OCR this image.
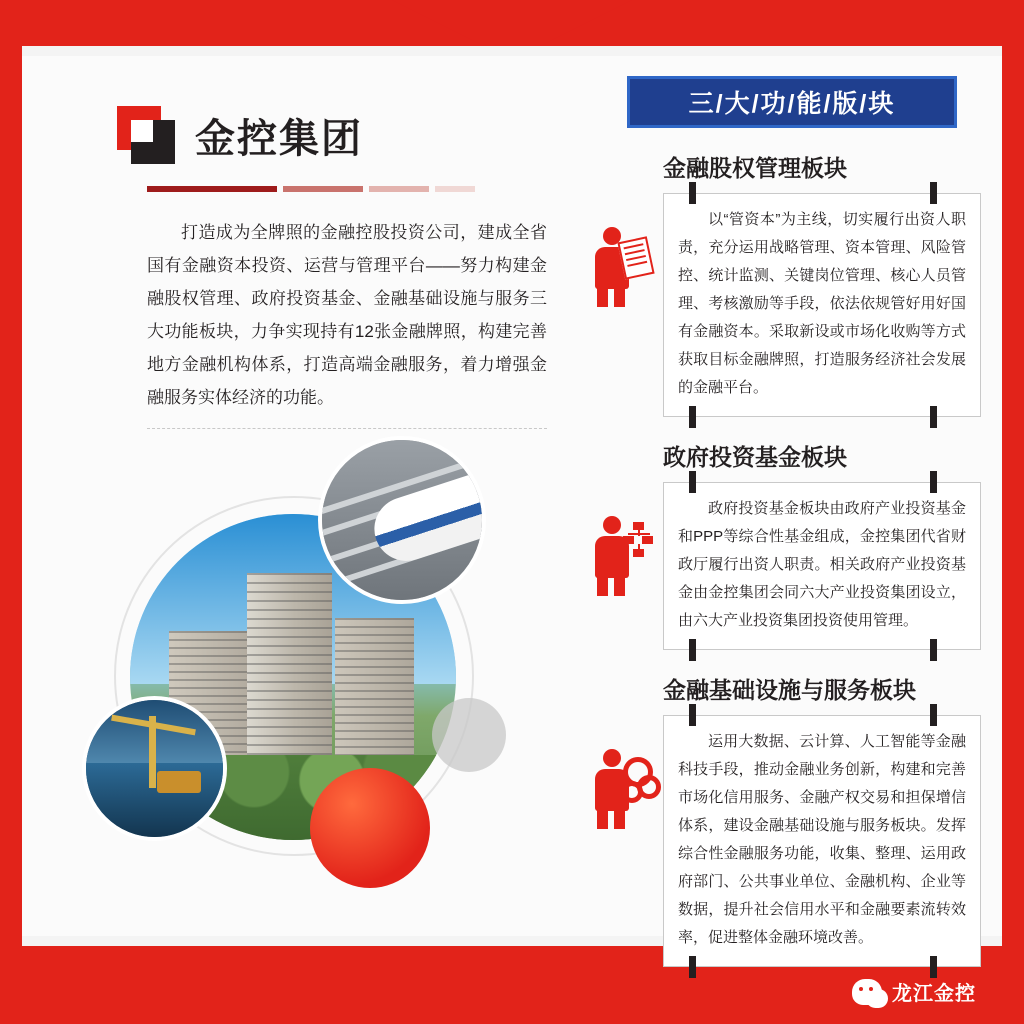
金控集团
打造成为全牌照的金融控股投资公司，建成全省国有金融资本投资、运营与管理平台——努力构建金融股权管理、政府投资基金、金融基础设施与服务三大功能板块，力争实现持有12张金融牌照，构建完善地方金融机构体系，打造高端金融服务，着力增强金融服务实体经济的功能。
三/大/功/能/版/块
金融股权管理板块
以“管资本”为主线，切实履行出资人职责，充分运用战略管理、资本管理、风险管控、统计监测、关键岗位管理、核心人员管理、考核激励等手段，依法依规管好用好国有金融资本。采取新设或市场化收购等方式获取目标金融牌照，打造服务经济社会发展的金融平台。
政府投资基金板块
政府投资基金板块由政府产业投资基金和PPP等综合性基金组成，金控集团代省财政厅履行出资人职责。相关政府产业投资基金由金控集团会同六大产业投资集团设立，由六大产业投资集团投资使用管理。
金融基础设施与服务板块
运用大数据、云计算、人工智能等金融科技手段，推动金融业务创新，构建和完善市场化信用服务、金融产权交易和担保增信体系，建设金融基础设施与服务板块。发挥综合性金融服务功能，收集、整理、运用政府部门、公共事业单位、金融机构、企业等数据，提升社会信用水平和金融要素流转效率，促进整体金融环境改善。
龙江金控
